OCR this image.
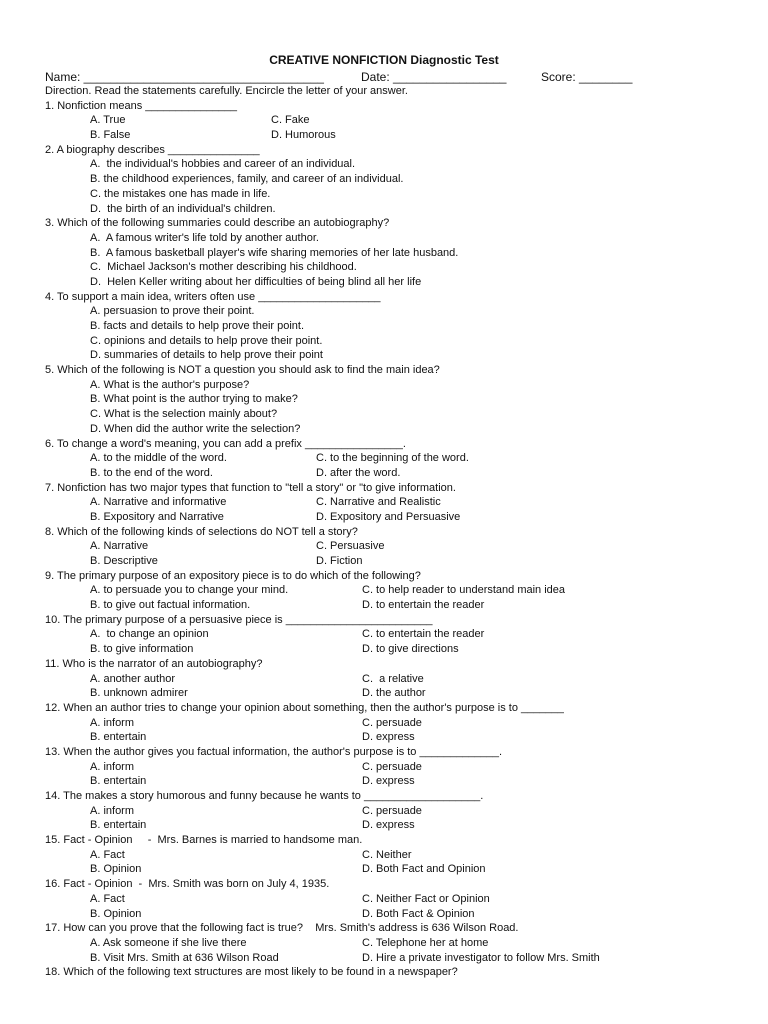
CREATIVE NONFICTION Diagnostic Test
Name: ____________________________________	Date: _________________	Score: ________
Direction. Read the statements carefully. Encircle the letter of your answer.
1. Nonfiction means _______________
A. True	C. Fake
B. False	D. Humorous
2. A biography describes _______________
A.  the individual's hobbies and career of an individual.
B. the childhood experiences, family, and career of an individual.
C. the mistakes one has made in life.
D.  the birth of an individual's children.
3. Which of the following summaries could describe an autobiography?
A.  A famous writer's life told by another author.
B.  A famous basketball player's wife sharing memories of her late husband.
C.  Michael Jackson's mother describing his childhood.
D.  Helen Keller writing about her difficulties of being blind all her life
4. To support a main idea, writers often use ____________________
A. persuasion to prove their point.
B. facts and details to help prove their point.
C. opinions and details to help prove their point.
D. summaries of details to help prove their point
5. Which of the following is NOT a question you should ask to find the main idea?
A. What is the author's purpose?
B. What point is the author trying to make?
C. What is the selection mainly about?
D. When did the author write the selection?
6. To change a word's meaning, you can add a prefix ________________.
A. to the middle of the word.	C. to the beginning of the word.
B. to the end of the word.	D. after the word.
7. Nonfiction has two major types that function to "tell a story" or "to give information.
A. Narrative and informative	C. Narrative and Realistic
B. Expository and Narrative	D. Expository and Persuasive
8. Which of the following kinds of selections do NOT tell a story?
A. Narrative	C. Persuasive
B. Descriptive	D. Fiction
9. The primary purpose of an expository piece is to do which of the following?
A. to persuade you to change your mind.	C. to help reader to understand main idea
B. to give out factual information.	D. to entertain the reader
10. The primary purpose of a persuasive piece is ________________________
A.  to change an opinion	C. to entertain the reader
B. to give information	D. to give directions
11. Who is the narrator of an autobiography?
A. another author	C.  a relative
B. unknown admirer	D. the author
12. When an author tries to change your opinion about something, then the author's purpose is to _______
A. inform	C. persuade
B. entertain	D. express
13. When the author gives you factual information, the author's purpose is to _____________.
A. inform	C. persuade
B. entertain	D. express
14. The makes a story humorous and funny because he wants to ___________________.
A. inform	C. persuade
B. entertain	D. express
15. Fact - Opinion     -  Mrs. Barnes is married to handsome man.
A. Fact	C. Neither
B. Opinion	D. Both Fact and Opinion
16. Fact - Opinion  -  Mrs. Smith was born on July 4, 1935.
A. Fact	C. Neither Fact or Opinion
B. Opinion	D. Both Fact & Opinion
17. How can you prove that the following fact is true?    Mrs. Smith's address is 636 Wilson Road.
A. Ask someone if she live there	C. Telephone her at home
B. Visit Mrs. Smith at 636 Wilson Road	D. Hire a private investigator to follow Mrs. Smith
18. Which of the following text structures are most likely to be found in a newspaper?
